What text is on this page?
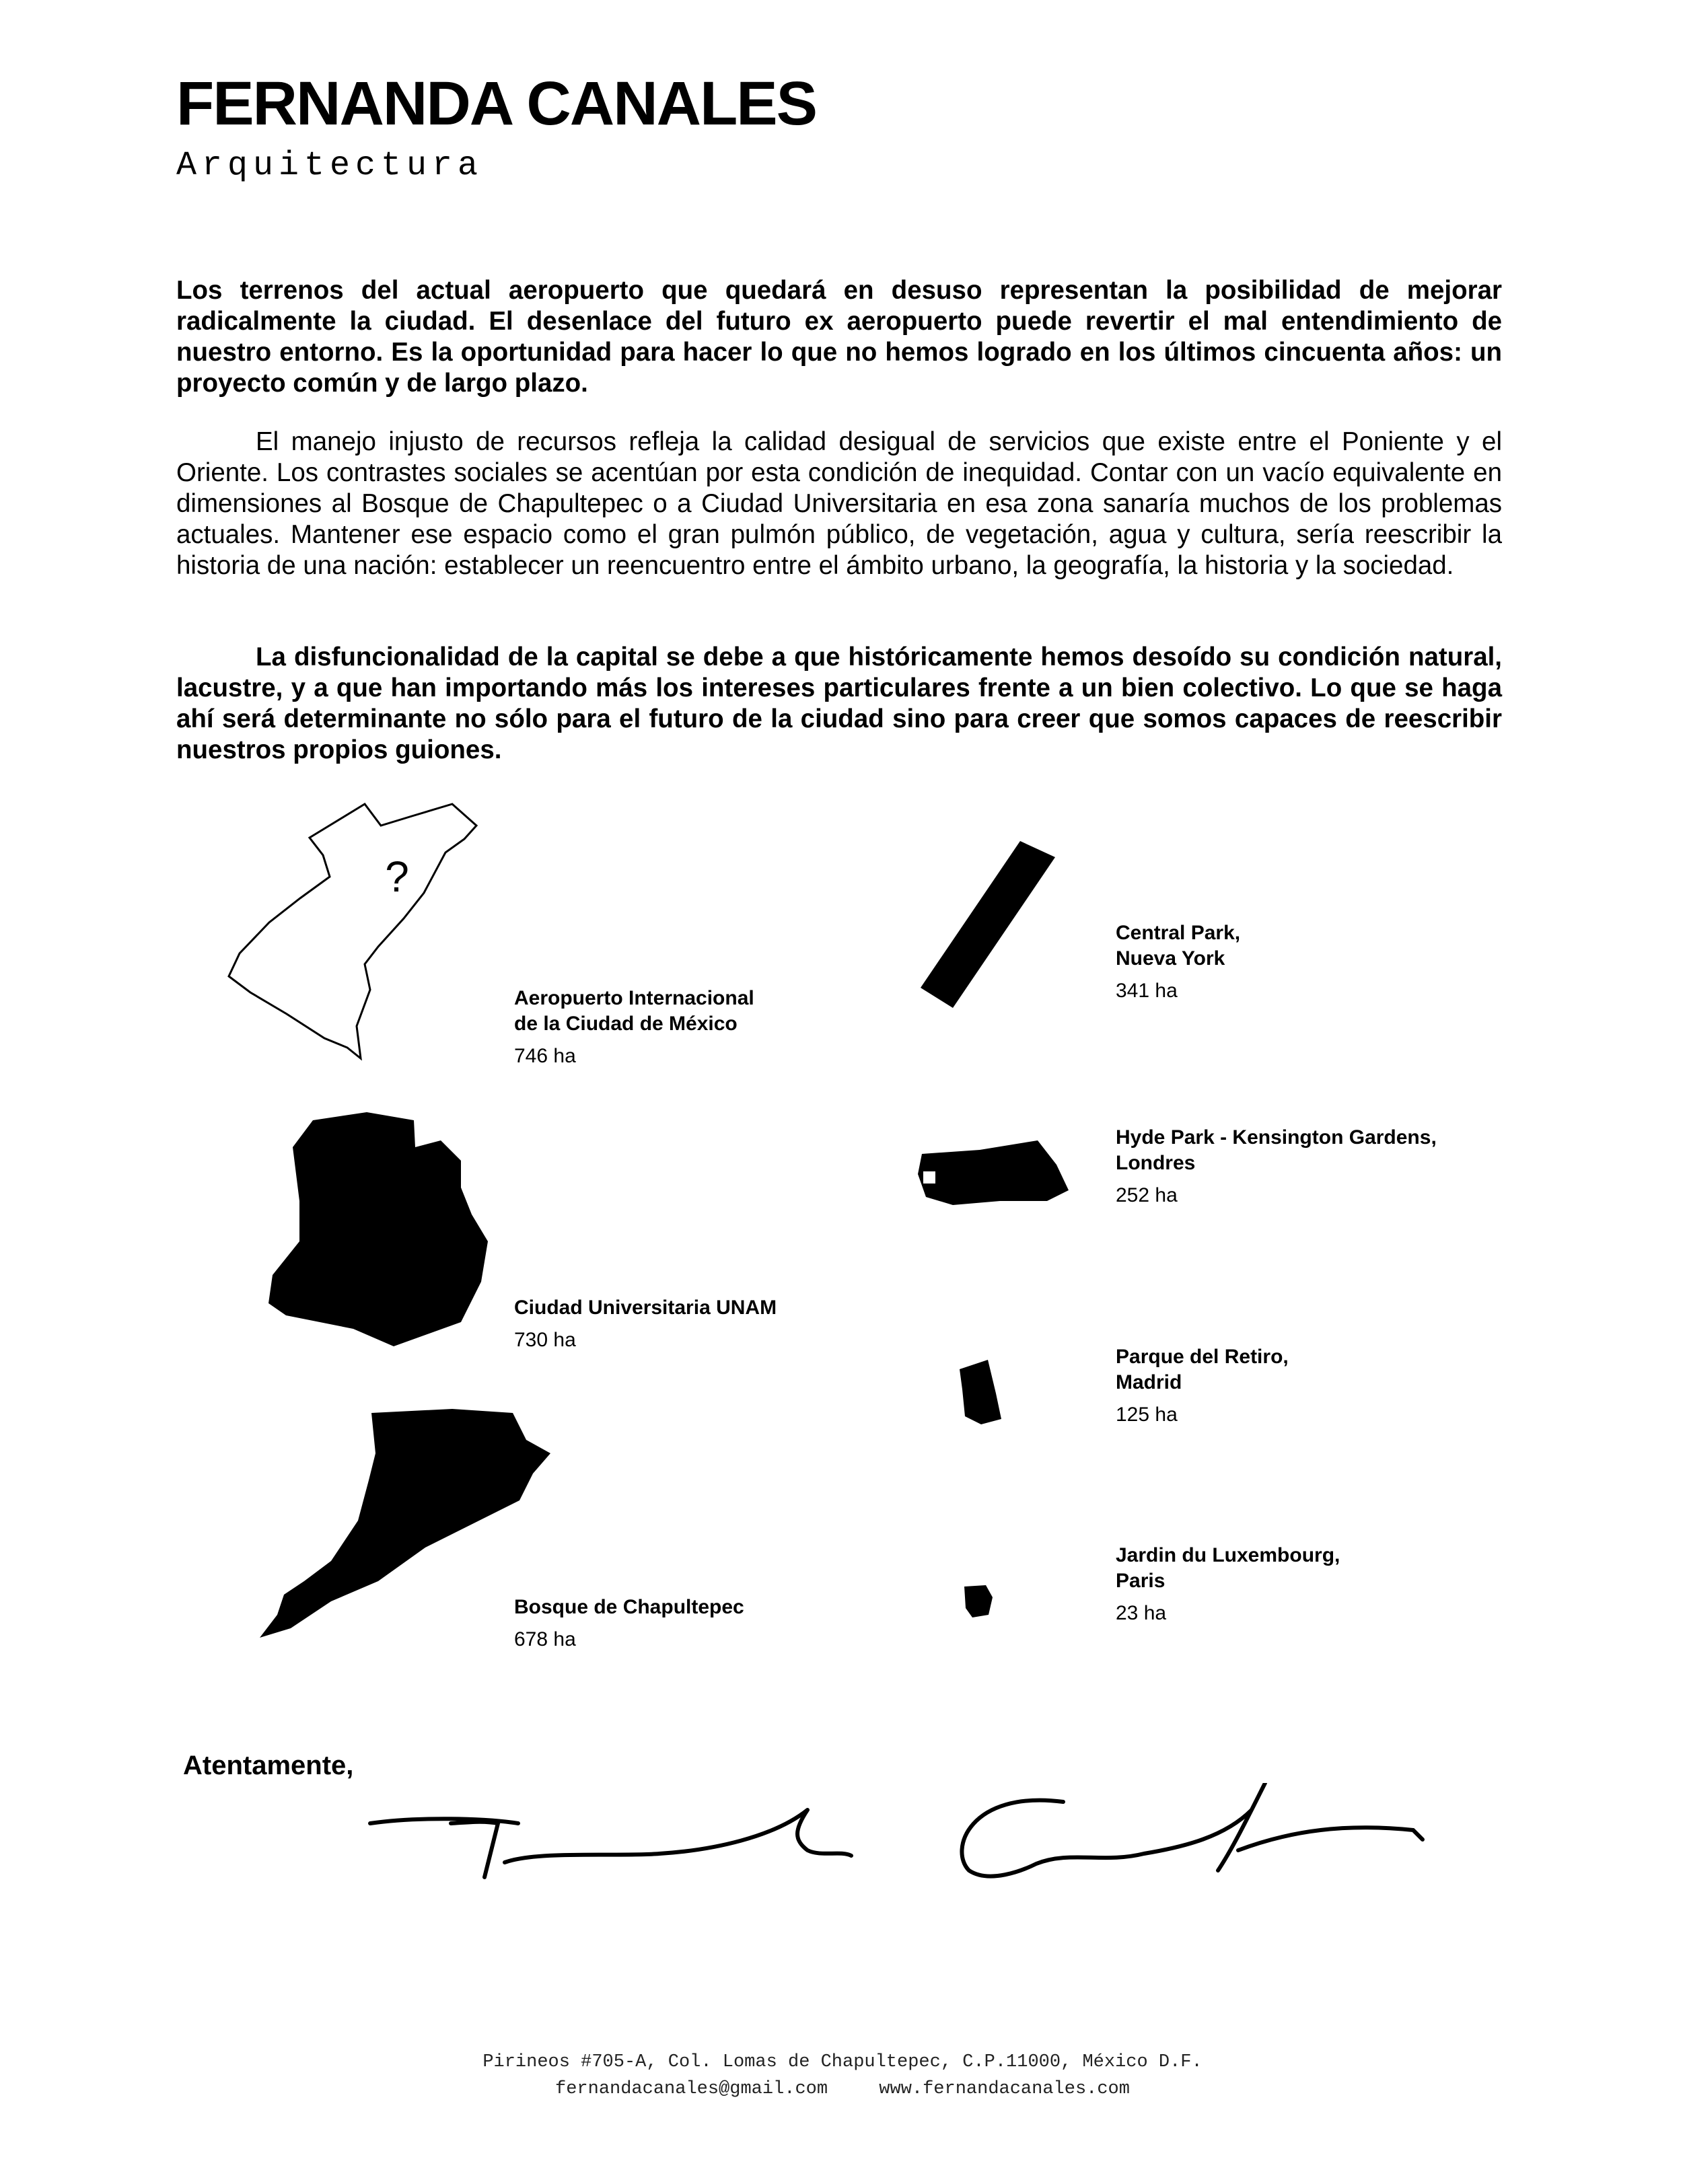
FERNANDA CANALES
Arquitectura

Los terrenos del actual aeropuerto que quedará en desuso representan la posibilidad de mejorar radicalmente la ciudad. El desenlace del futuro ex aeropuerto puede revertir el mal entendimiento de nuestro entorno. Es la oportunidad para hacer lo que no hemos logrado en los últimos cincuenta años: un proyecto común y de largo plazo.

El manejo injusto de recursos refleja la calidad desigual de servicios que existe entre el Poniente y el Oriente. Los contrastes sociales se acentúan por esta condición de inequidad. Contar con un vacío equivalente en dimensiones al Bosque de Chapultepec o a Ciudad Universitaria en esa zona sanaría muchos de los problemas actuales. Mantener ese espacio como el gran pulmón público, de vegetación, agua y cultura, sería reescribir la historia de una nación: establecer un reencuentro entre el ámbito urbano, la geografía, la historia y la sociedad.

La disfuncionalidad de la capital se debe a que históricamente hemos desoído su condición natural, lacustre, y a que han importando más los intereses particulares frente a un bien colectivo. Lo que se haga ahí será determinante no sólo para el futuro de la ciudad sino para creer que somos capaces de reescribir nuestros propios guiones.

?
Aeropuerto Internacional
de la Ciudad de México
746 ha
Ciudad Universitaria UNAM
730 ha
Bosque de Chapultepec
678 ha
Central Park,
Nueva York
341 ha
Hyde Park - Kensington Gardens,
Londres
252 ha
Parque del Retiro,
Madrid
125 ha
Jardin du Luxembourg,
Paris
23 ha
Atentamente,
Pirineos #705-A, Col. Lomas de Chapultepec, C.P.11000, México D.F.
fernandacanales@gmail.com	www.fernandacanales.com
